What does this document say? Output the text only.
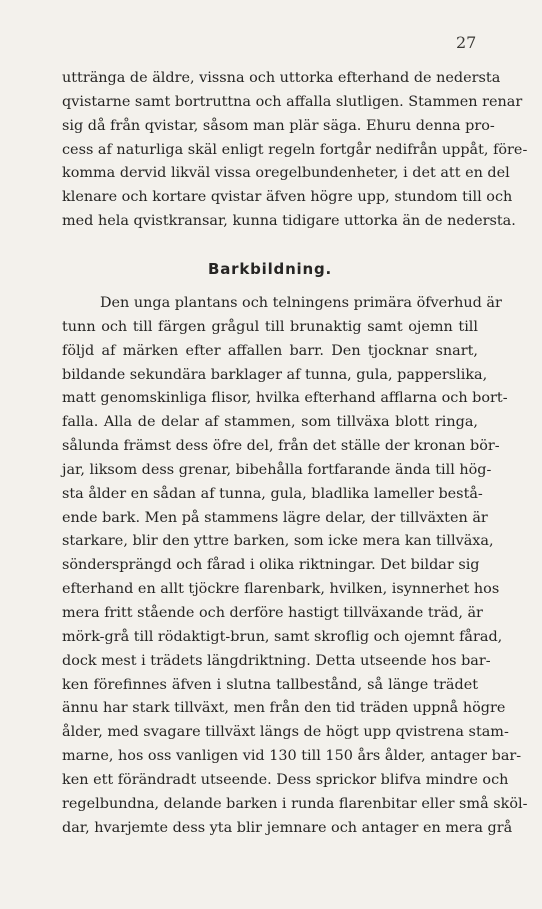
27
utträngа de äldre, vissna och uttorka efterhand de nedersta
qvistarne samt bortruttna och affalla slutligen. Stammen renar
sig då från qvistar, såsom man plär säga. Ehuru denna pro-
cess af naturliga skäl enligt regeln fortgår nedifrån uppåt, före-
komma dervid likväl vissa oregelbundenheter, i det att en del
klenare och kortare qvistar äfven högre upp, stundom till och
med hela qvistkransar, kunna tidigare uttorka än de nedersta.
Barkbildning.
Den unga plantans och telningens primära öfverhud är
tunn och till färgen grågul till brunaktig samt ojemn till
följd af märken efter affallen barr. Den tjocknar snart,
bildande sekundära barklager af tunna, gula, papperslika,
matt genomskinliga flisor, hvilka efterhand afflarna och bort-
falla. Alla de delar af stammen, som tillväxa blott ringa,
sålunda främst dess öfre del, från det ställe der kronan bör-
jar, liksom dess grenar, bibehålla fortfarande ända till hög-
sta ålder en sådan af tunna, gula, bladlika lameller bestå-
ende bark. Men på stammens lägre delar, der tillväxten är
starkare, blir den yttre barken, som icke mera kan tillväxa,
söndersprängd och fårad i olika riktningar. Det bildar sig
efterhand en allt tjöckre flarenbark, hvilken, isynnerhet hos
mera fritt stående och derföre hastigt tillväxande träd, är
mörk-grå till rödaktigt-brun, samt skroflig och ojemnt fårad,
dock mest i trädets längdriktning. Detta utseende hos bar-
ken förefinnes äfven i slutna tallbestånd, så länge trädet
ännu har stark tillväxt, men från den tid träden uppnå högre
ålder, med svagare tillväxt längs de högt upp qvistrena stam-
marne, hos oss vanligen vid 130 till 150 års ålder, antager bar-
ken ett förändradt utseende. Dess sprickor blifva mindre och
regelbundna, delande barken i runda flarenbitar eller små sköl-
dar, hvarjemte dess yta blir jemnare och antager en mera grå
